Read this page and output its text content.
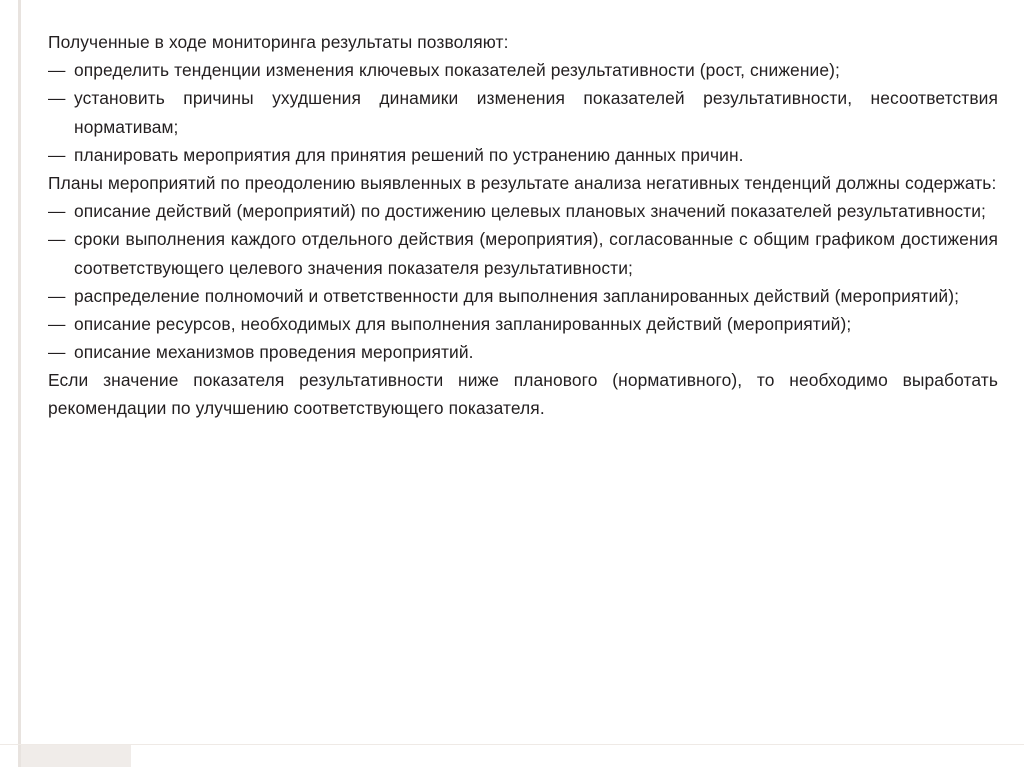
Полученные в ходе мониторинга результаты позволяют:

— определить тенденции изменения ключевых показателей результативности (рост, снижение);

— установить причины ухудшения динамики изменения показателей результативности, несоответствия нормативам;

— планировать мероприятия для принятия решений по устранению данных причин.

Планы мероприятий по преодолению выявленных в результате анализа негативных тенденций должны содержать:

— описание действий (мероприятий) по достижению целевых плановых значений показателей результативности;

— сроки выполнения каждого отдельного действия (мероприятия), согласованные с общим графиком достижения соответствующего целевого значения показателя результативности;

— распределение полномочий и ответственности для выполнения запланированных действий (мероприятий);

— описание ресурсов, необходимых для выполнения запланированных действий (мероприятий);

— описание механизмов проведения мероприятий.

Если значение показателя результативности ниже планового (нормативного), то необходимо выработать рекомендации по улучшению соответствующего показателя.
